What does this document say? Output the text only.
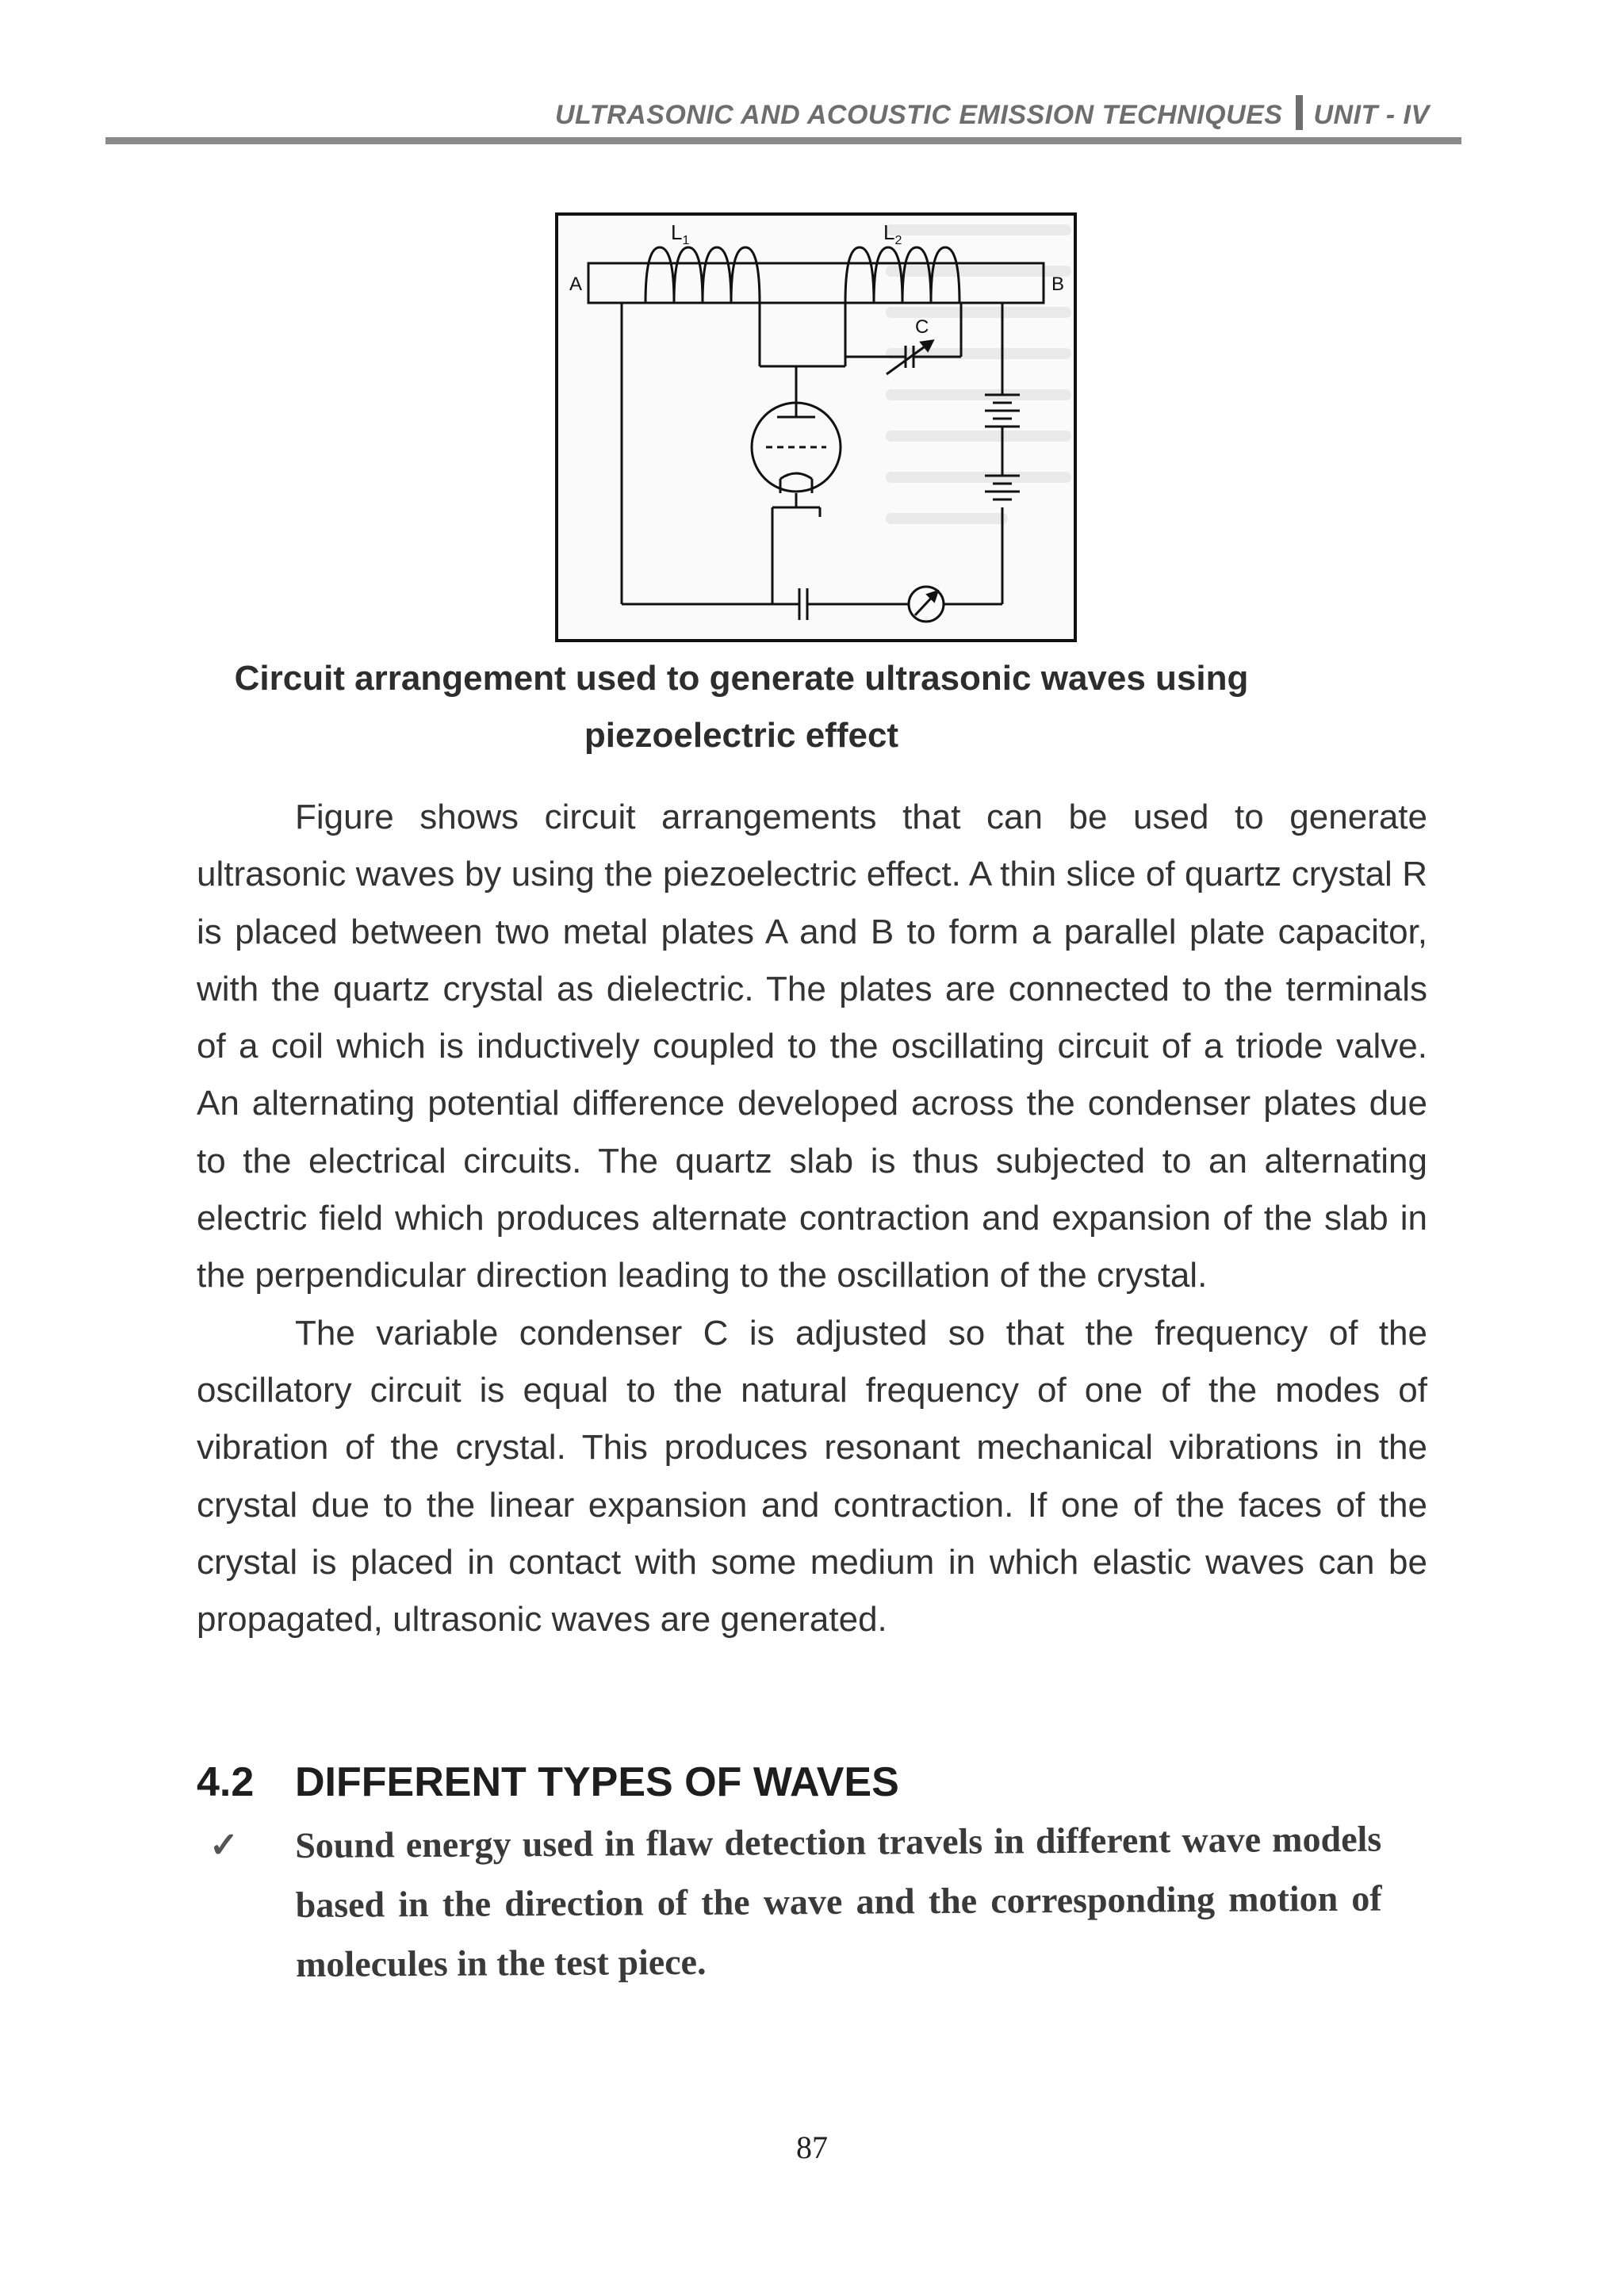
ULTRASONIC AND ACOUSTIC EMISSION TECHNIQUES UNIT - IV
$L_1$	$L_2$
A	B
C
Circuit arrangement used to generate ultrasonic waves using
piezoelectric effect

Figure shows circuit arrangements that can be used to generate ultrasonic waves by using the piezoelectric effect. A thin slice of quartz crystal R is placed between two metal plates A and B to form a parallel plate capacitor, with the quartz crystal as dielectric. The plates are connected to the terminals of a coil which is inductively coupled to the oscillating circuit of a triode valve. An alternating potential difference developed across the condenser plates due to the electrical circuits. The quartz slab is thus subjected to an alternating electric field which produces alternate contraction and expansion of the slab in the perpendicular direction leading to the oscillation of the crystal.

The variable condenser C is adjusted so that the frequency of the oscillatory circuit is equal to the natural frequency of one of the modes of vibration of the crystal. This produces resonant mechanical vibrations in the crystal due to the linear expansion and contraction. If one of the faces of the crystal is placed in contact with some medium in which elastic waves can be propagated, ultrasonic waves are generated.

4.2 DIFFERENT TYPES OF WAVES
✓ Sound energy used in flaw detection travels in different wave models based in the direction of the wave and the corresponding motion of molecules in the test piece.
87
